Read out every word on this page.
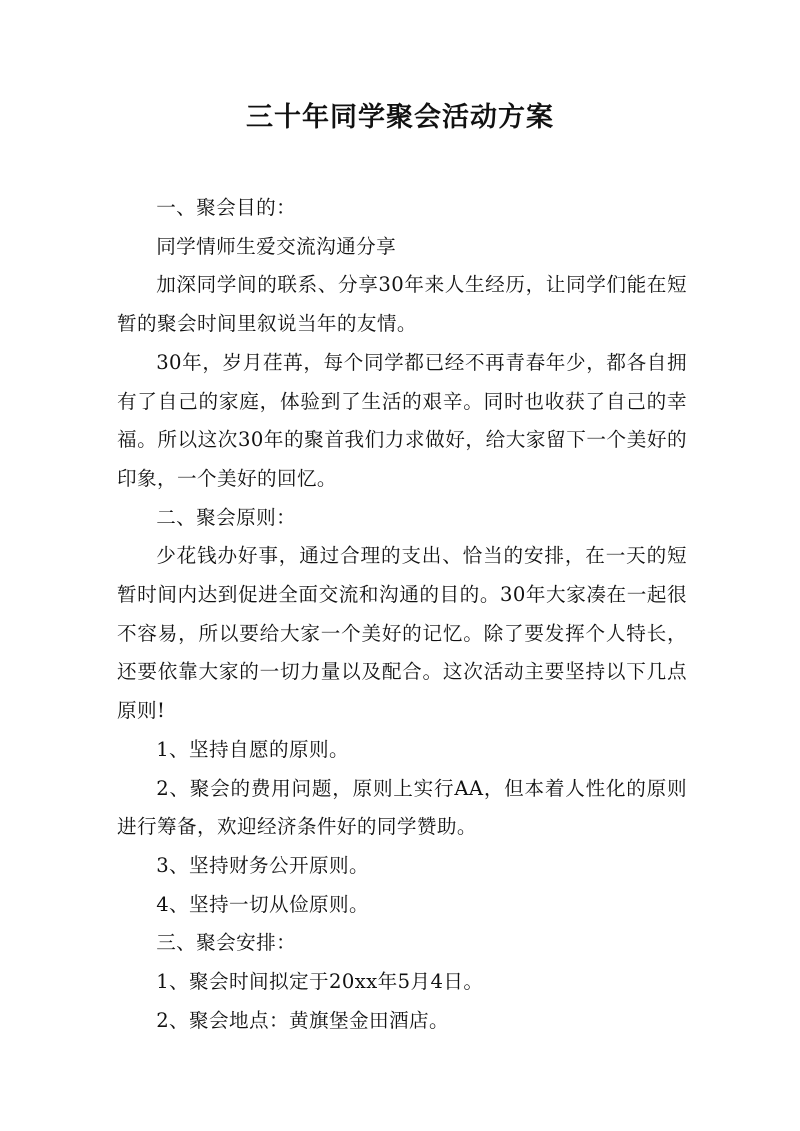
三十年同学聚会活动方案

一、聚会目的：

同学情师生爱交流沟通分享

加深同学间的联系、分享30年来人生经历，让同学们能在短暂的聚会时间里叙说当年的友情。

30年，岁月荏苒，每个同学都已经不再青春年少，都各自拥有了自己的家庭，体验到了生活的艰辛。同时也收获了自己的幸福。所以这次30年的聚首我们力求做好，给大家留下一个美好的印象，一个美好的回忆。

二、聚会原则：

少花钱办好事，通过合理的支出、恰当的安排，在一天的短暂时间内达到促进全面交流和沟通的目的。30年大家凑在一起很不容易，所以要给大家一个美好的记忆。除了要发挥个人特长，还要依靠大家的一切力量以及配合。这次活动主要坚持以下几点原则!

1、坚持自愿的原则。

2、聚会的费用问题，原则上实行AA，但本着人性化的原则进行筹备，欢迎经济条件好的同学赞助。

3、坚持财务公开原则。

4、坚持一切从俭原则。

三、聚会安排：

1、聚会时间拟定于20xx年5月4日。

2、聚会地点：黄旗堡金田酒店。
